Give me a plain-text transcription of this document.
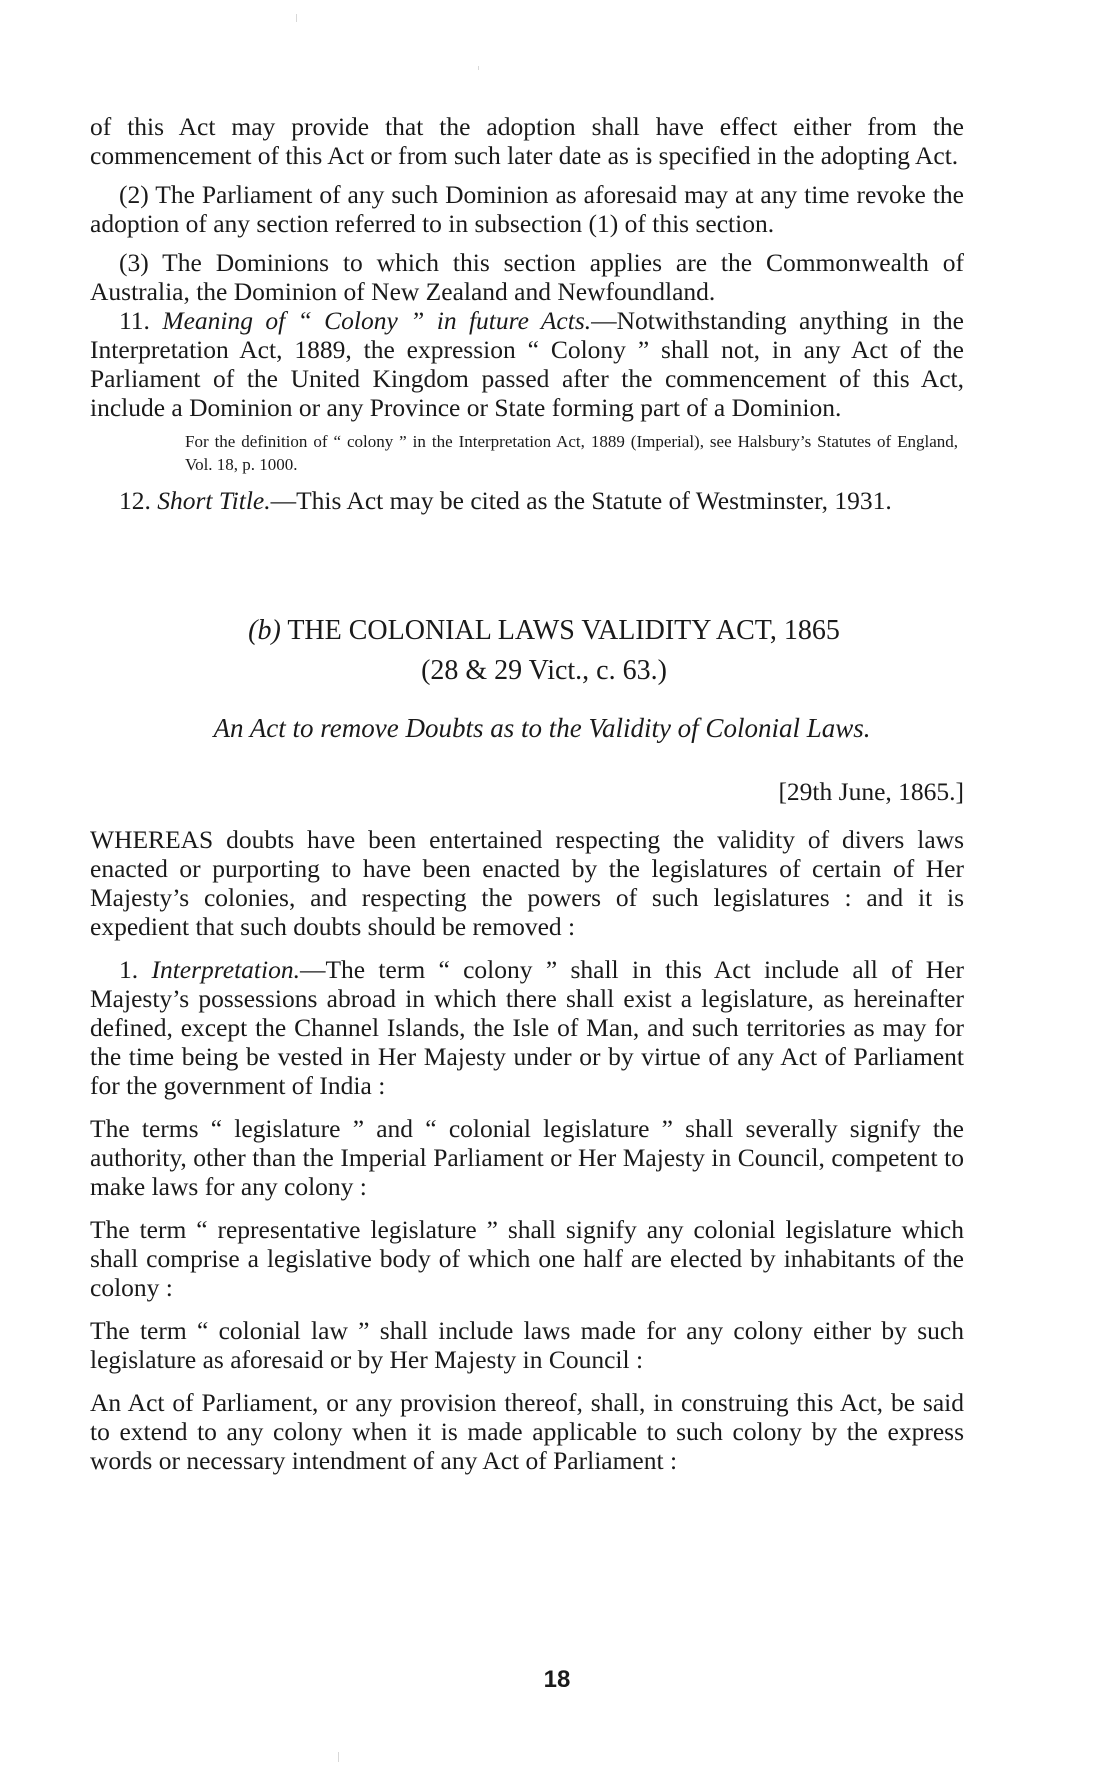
of this Act may provide that the adoption shall have effect either from the commencement of this Act or from such later date as is specified in the adopting Act.

(2) The Parliament of any such Dominion as aforesaid may at any time revoke the adoption of any section referred to in subsection (1) of this section.

(3) The Dominions to which this section applies are the Commonwealth of Australia, the Dominion of New Zealand and Newfoundland.

11. Meaning of “ Colony ” in future Acts.—Notwithstanding anything in the Interpretation Act, 1889, the expression “ Colony ” shall not, in any Act of the Parliament of the United Kingdom passed after the commencement of this Act, include a Dominion or any Province or State forming part of a Dominion.

For the definition of “ colony ” in the Interpretation Act, 1889 (Imperial), see Halsbury’s Statutes of England, Vol. 18, p. 1000.

12. Short Title.—This Act may be cited as the Statute of Westminster, 1931.

(b) THE COLONIAL LAWS VALIDITY ACT, 1865

(28 & 29 Vict., c. 63.)

An Act to remove Doubts as to the Validity of Colonial Laws.

[29th June, 1865.]

WHEREAS doubts have been entertained respecting the validity of divers laws enacted or purporting to have been enacted by the legislatures of certain of Her Majesty’s colonies, and respecting the powers of such legislatures : and it is expedient that such doubts should be removed :

1. Interpretation.—The term “ colony ” shall in this Act include all of Her Majesty’s possessions abroad in which there shall exist a legislature, as hereinafter defined, except the Channel Islands, the Isle of Man, and such territories as may for the time being be vested in Her Majesty under or by virtue of any Act of Parliament for the government of India :

The terms “ legislature ” and “ colonial legislature ” shall severally signify the authority, other than the Imperial Parliament or Her Majesty in Council, competent to make laws for any colony :

The term “ representative legislature ” shall signify any colonial legislature which shall comprise a legislative body of which one half are elected by inhabitants of the colony :

The term “ colonial law ” shall include laws made for any colony either by such legislature as aforesaid or by Her Majesty in Council :

An Act of Parliament, or any provision thereof, shall, in construing this Act, be said to extend to any colony when it is made applicable to such colony by the express words or necessary intendment of any Act of Parliament :

18
